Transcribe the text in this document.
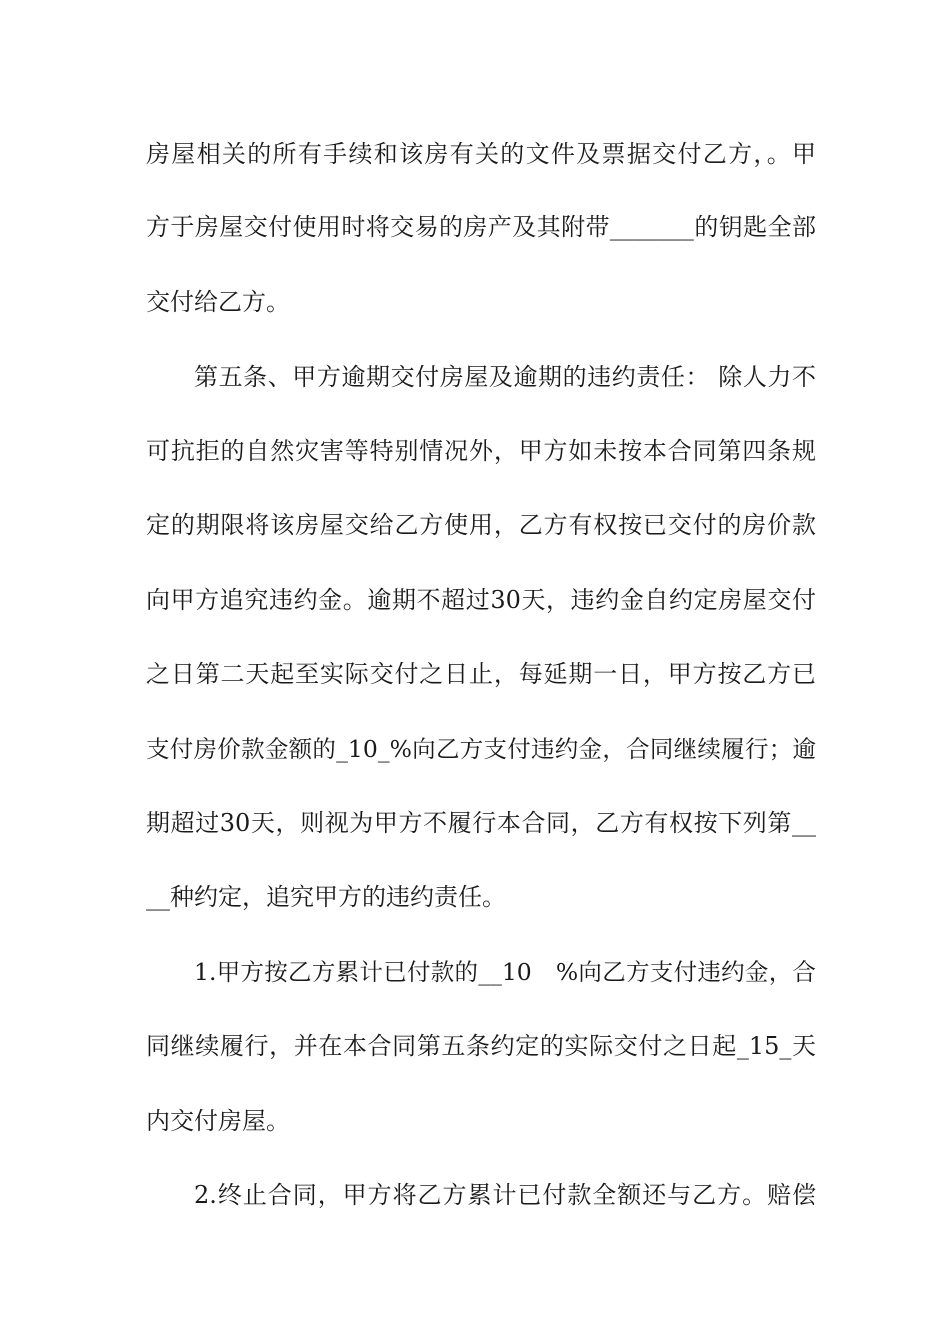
房屋相关的所有手续和该房有关的文件及票据交付乙方，。甲
方于房屋交付使用时将交易的房产及其附带_______的钥匙全部
交付给乙方。
第五条、甲方逾期交付房屋及逾期的违约责任： 除人力不
可抗拒的自然灾害等特别情况外，甲方如未按本合同第四条规
定的期限将该房屋交给乙方使用，乙方有权按已交付的房价款
向甲方追究违约金。逾期不超过30天，违约金自约定房屋交付
之日第二天起至实际交付之日止，每延期一日，甲方按乙方已
支付房价款金额的_10_%向乙方支付违约金，合同继续履行；逾
期超过30天，则视为甲方不履行本合同，乙方有权按下列第__
__种约定，追究甲方的违约责任。
1.甲方按乙方累计已付款的__10　%向乙方支付违约金，合
同继续履行，并在本合同第五条约定的实际交付之日起_15_天
内交付房屋。
2.终止合同，甲方将乙方累计已付款全额还与乙方。赔偿
